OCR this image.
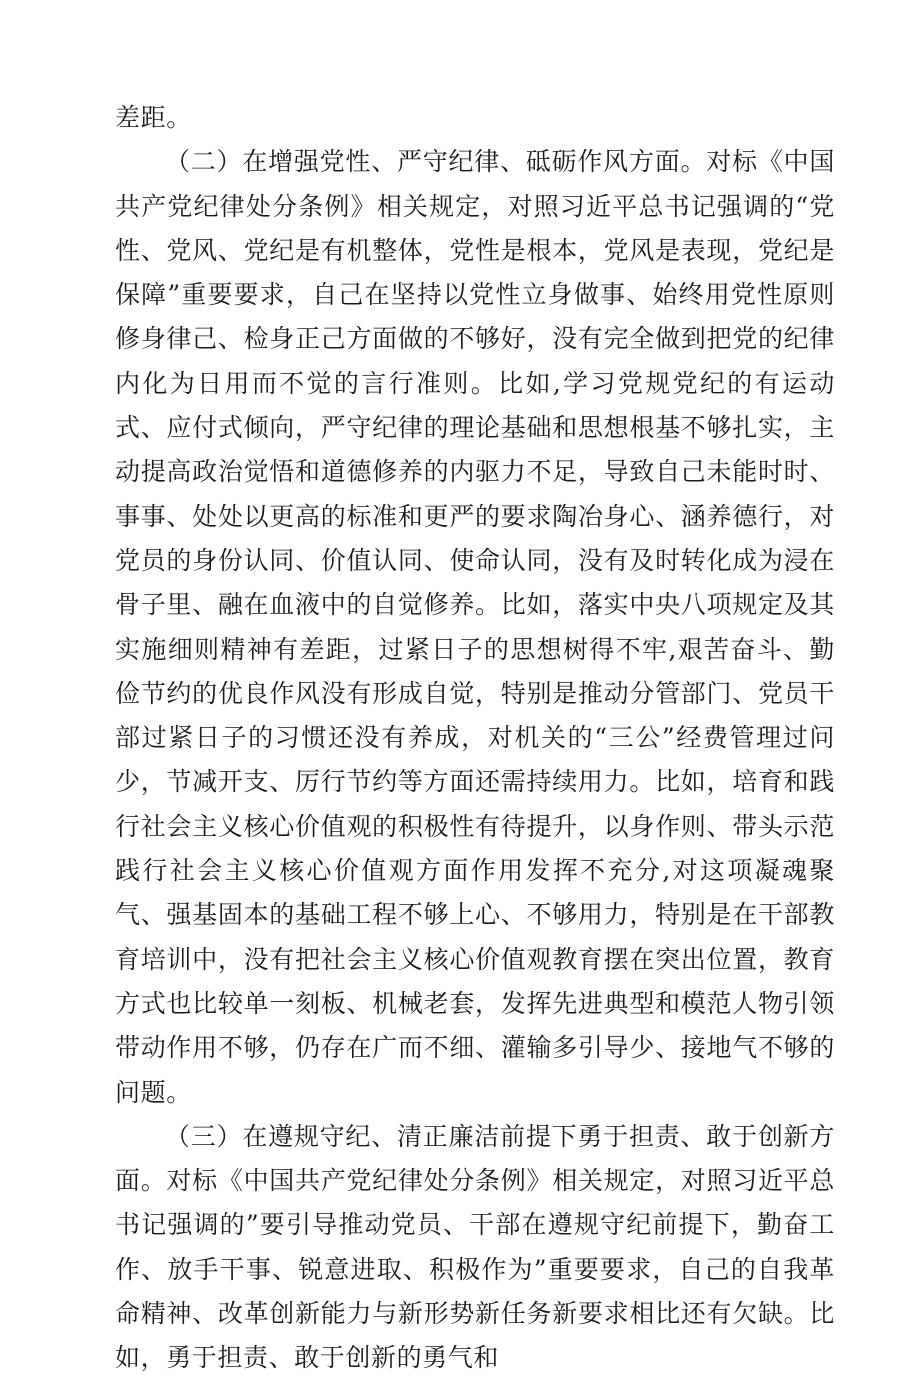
差距。

（二）在增强党性、严守纪律、砥砺作风方面。对标《中国共产党纪律处分条例》相关规定，对照习近平总书记强调的“党性、党风、党纪是有机整体，党性是根本，党风是表现，党纪是保障”重要要求，自己在坚持以党性立身做事、始终用党性原则修身律己、检身正己方面做的不够好，没有完全做到把党的纪律内化为日用而不觉的言行准则。比如,学习党规党纪的有运动式、应付式倾向，严守纪律的理论基础和思想根基不够扎实，主动提高政治觉悟和道德修养的内驱力不足，导致自己未能时时、事事、处处以更高的标准和更严的要求陶冶身心、涵养德行，对党员的身份认同、价值认同、使命认同，没有及时转化成为浸在骨子里、融在血液中的自觉修养。比如，落实中央八项规定及其实施细则精神有差距，过紧日子的思想树得不牢,艰苦奋斗、勤俭节约的优良作风没有形成自觉，特别是推动分管部门、党员干部过紧日子的习惯还没有养成，对机关的“三公”经费管理过问少，节减开支、厉行节约等方面还需持续用力。比如，培育和践行社会主义核心价值观的积极性有待提升，以身作则、带头示范践行社会主义核心价值观方面作用发挥不充分,对这项凝魂聚气、强基固本的基础工程不够上心、不够用力，特别是在干部教育培训中，没有把社会主义核心价值观教育摆在突出位置，教育方式也比较单一刻板、机械老套，发挥先进典型和模范人物引领带动作用不够，仍存在广而不细、灌输多引导少、接地气不够的问题。

（三）在遵规守纪、清正廉洁前提下勇于担责、敢于创新方面。对标《中国共产党纪律处分条例》相关规定，对照习近平总书记强调的”要引导推动党员、干部在遵规守纪前提下，勤奋工作、放手干事、锐意进取、积极作为”重要要求，自己的自我革命精神、改革创新能力与新形势新任务新要求相比还有欠缺。比如，勇于担责、敢于创新的勇气和
